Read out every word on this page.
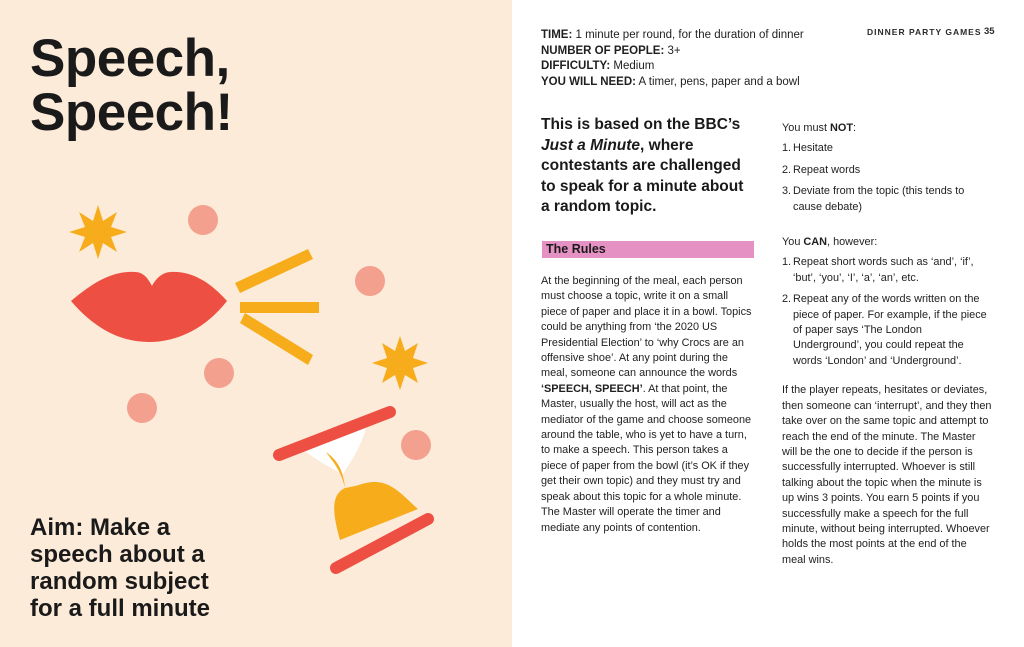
Speech,
Speech!
Aim: Make a
speech about a
random subject
for a full minute
DINNER PARTY GAMES 35
TIME: 1 minute per round, for the duration of dinner
NUMBER OF PEOPLE: 3+
DIFFICULTY: Medium
YOU WILL NEED: A timer, pens, paper and a bowl

This is based on the BBC’s Just a Minute, where contestants are challenged to speak for a minute about a random topic.

The Rules

At the beginning of the meal, each person must choose a topic, write it on a small piece of paper and place it in a bowl. Topics could be anything from ‘the 2020 US Presidential Election’ to ‘why Crocs are an offensive shoe’. At any point during the meal, someone can announce the words ‘SPEECH, SPEECH’. At that point, the Master, usually the host, will act as the mediator of the game and choose someone around the table, who is yet to have a turn, to make a speech. This person takes a piece of paper from the bowl (it’s OK if they get their own topic) and they must try and speak about this topic for a whole minute. The Master will operate the timer and mediate any points of contention.

You must NOT:

1. Hesitate
2. Repeat words
3. Deviate from the topic (this tends to cause debate)

You CAN, however:

1. Repeat short words such as ‘and’, ‘if’, ‘but’, ‘you’, ‘I’, ‘a’, ‘an’, etc.
2. Repeat any of the words written on the piece of paper. For example, if the piece of paper says ‘The London Underground’, you could repeat the words ‘London’ and ‘Underground’.

If the player repeats, hesitates or deviates, then someone can ‘interrupt’, and they then take over on the same topic and attempt to reach the end of the minute. The Master will be the one to decide if the person is successfully interrupted. Whoever is still talking about the topic when the minute is up wins 3 points. You earn 5 points if you successfully make a speech for the full minute, without being interrupted. Whoever holds the most points at the end of the meal wins.
